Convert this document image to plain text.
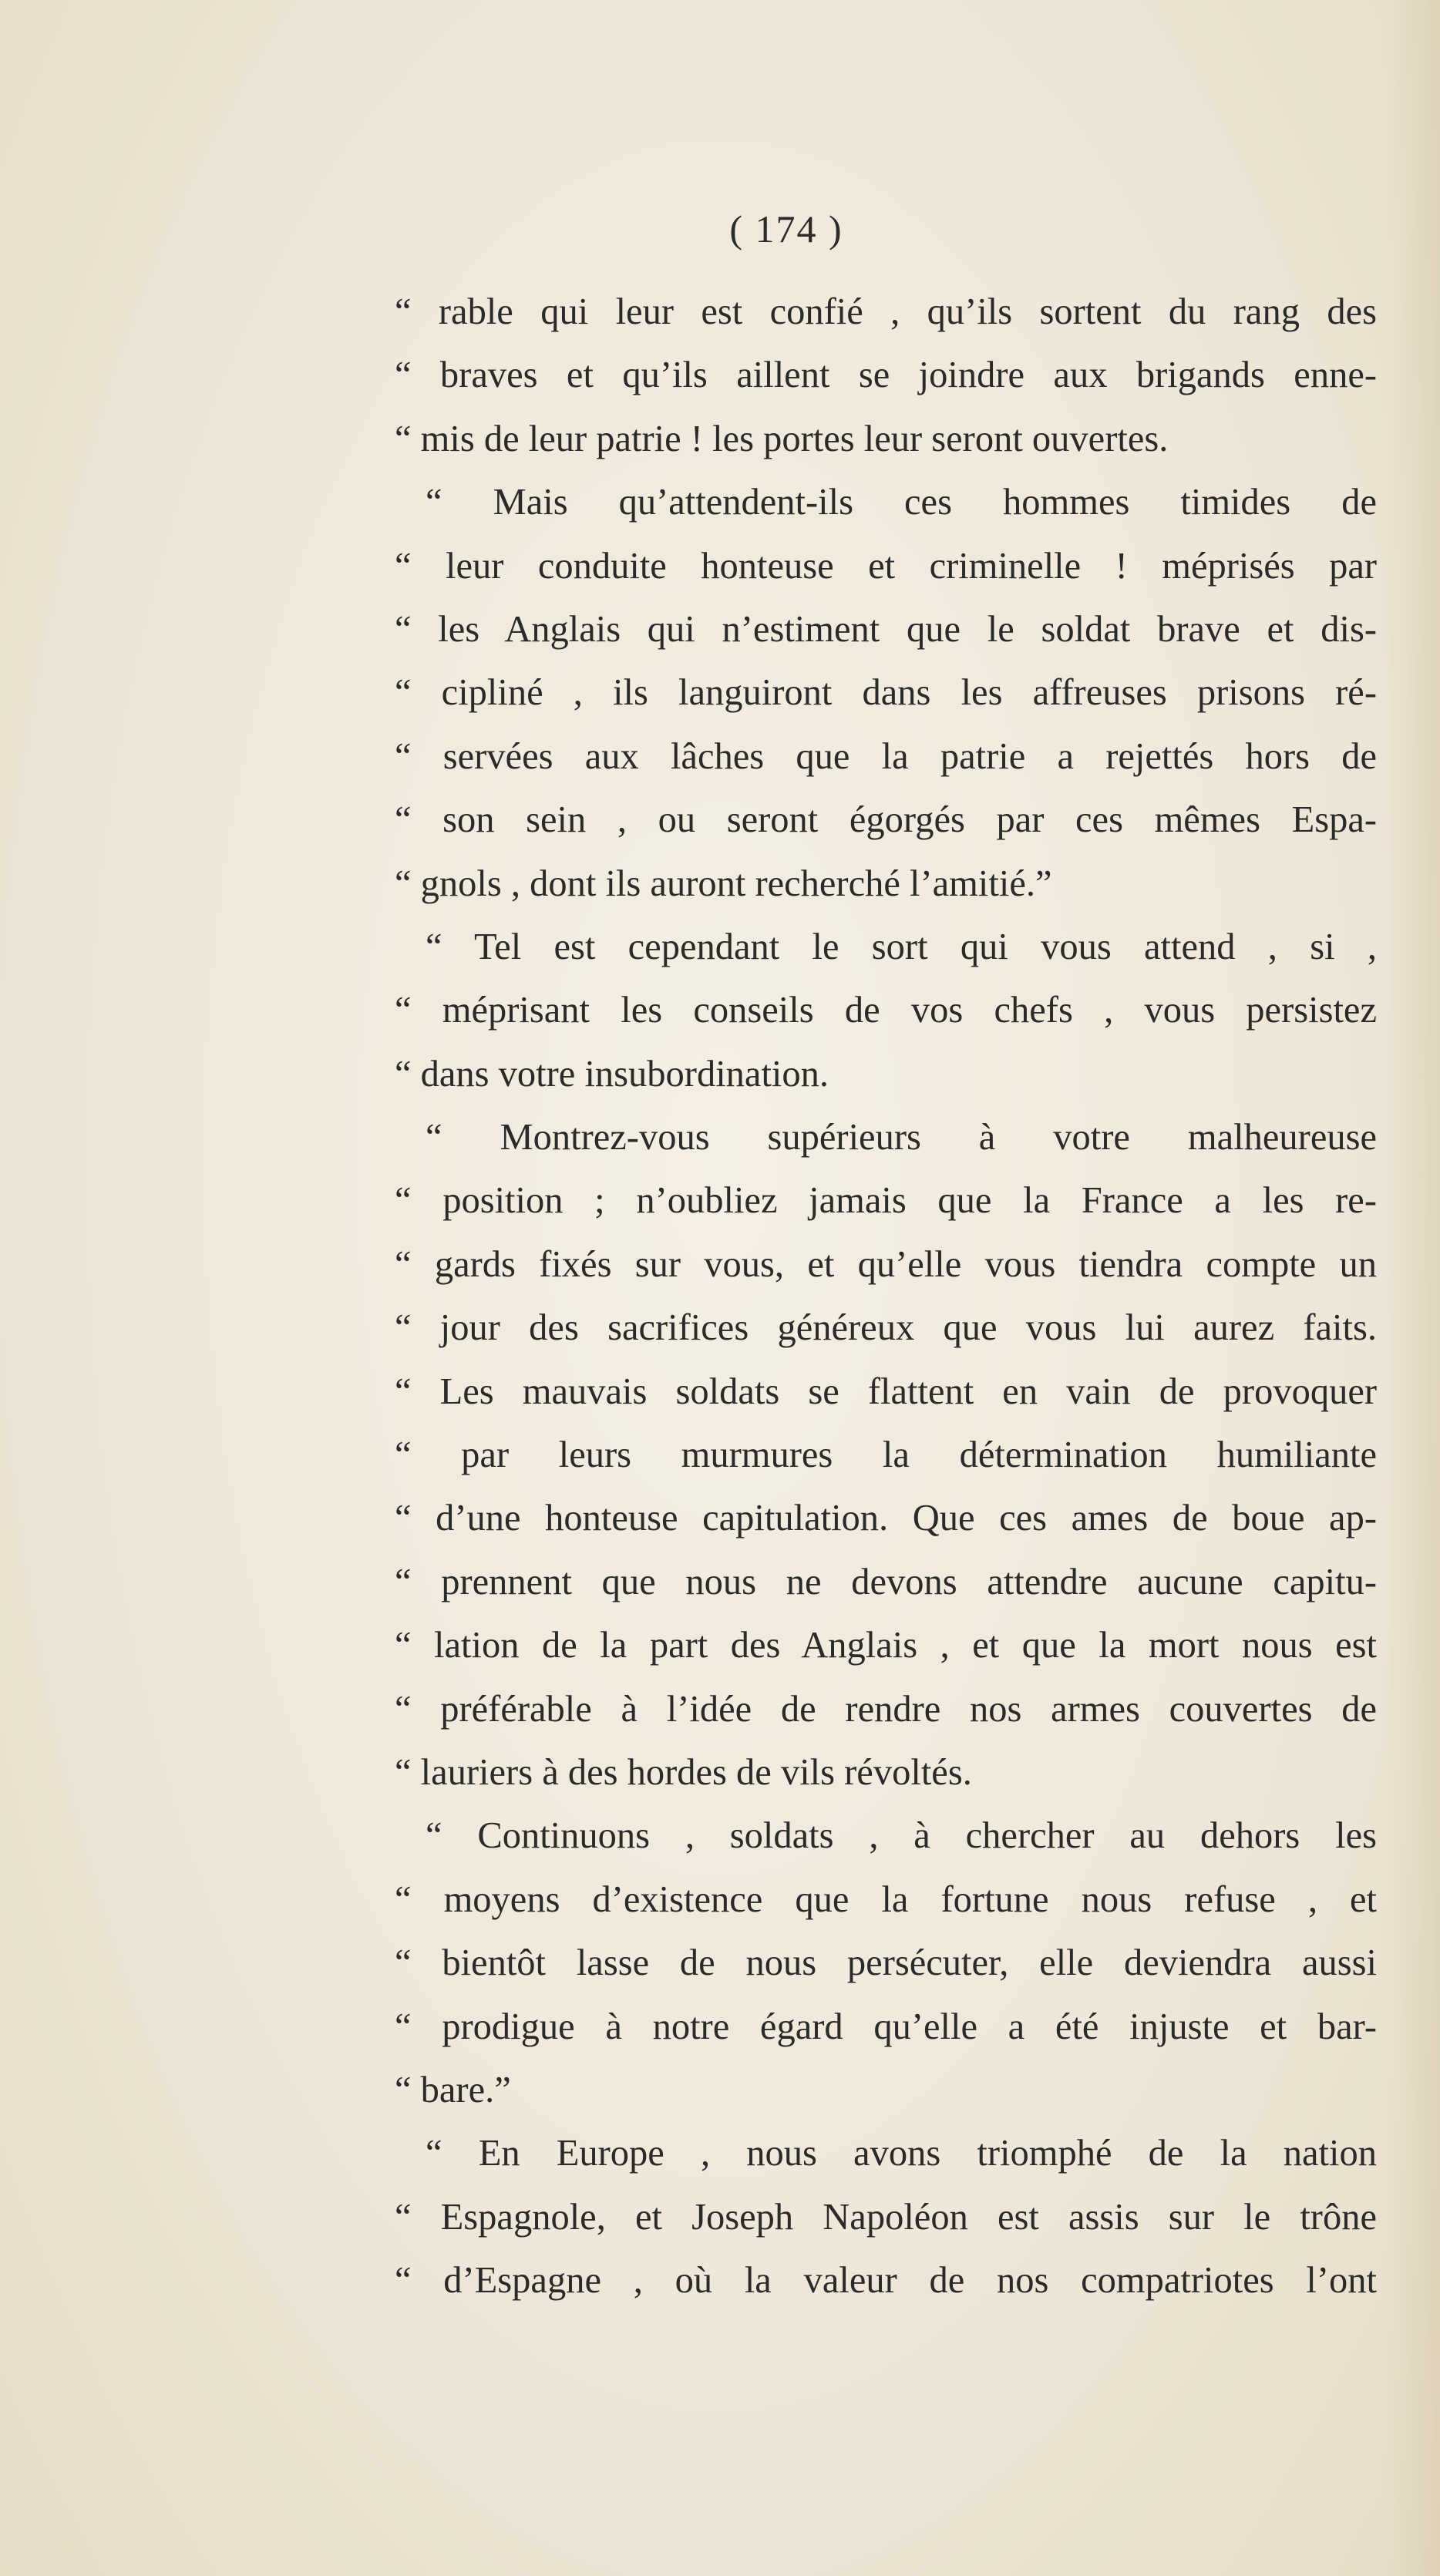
( 174 )
“ rable qui leur est confié , qu’ils sortent du rang des
“ braves et qu’ils aillent se joindre aux brigands enne-
“ mis de leur patrie ! les portes leur seront ouvertes.
“ Mais qu’attendent-ils ces hommes timides de
“ leur conduite honteuse et criminelle ! méprisés par
“ les Anglais qui n’estiment que le soldat brave et dis-
“ cipliné , ils languiront dans les affreuses prisons ré-
“ servées aux lâches que la patrie a rejettés hors de
“ son sein , ou seront égorgés par ces mêmes Espa-
“ gnols , dont ils auront recherché l’amitié.”
“ Tel est cependant le sort qui vous attend , si ,
“ méprisant les conseils de vos chefs , vous persistez
“ dans votre insubordination.
“ Montrez-vous supérieurs à votre malheureuse
“ position ; n’oubliez jamais que la France a les re-
“ gards fixés sur vous, et qu’elle vous tiendra compte un
“ jour des sacrifices généreux que vous lui aurez faits.
“ Les mauvais soldats se flattent en vain de provoquer
“ par leurs murmures la détermination humiliante
“ d’une honteuse capitulation. Que ces ames de boue ap-
“ prennent que nous ne devons attendre aucune capitu-
“ lation de la part des Anglais , et que la mort nous est
“ préférable à l’idée de rendre nos armes couvertes de
“ lauriers à des hordes de vils révoltés.
“ Continuons , soldats , à chercher au dehors les
“ moyens d’existence que la fortune nous refuse , et
“ bientôt lasse de nous persécuter, elle deviendra aussi
“ prodigue à notre égard qu’elle a été injuste et bar-
“ bare.”
“ En Europe , nous avons triomphé de la nation
“ Espagnole, et Joseph Napoléon est assis sur le trône
“ d’Espagne , où la valeur de nos compatriotes l’ont
